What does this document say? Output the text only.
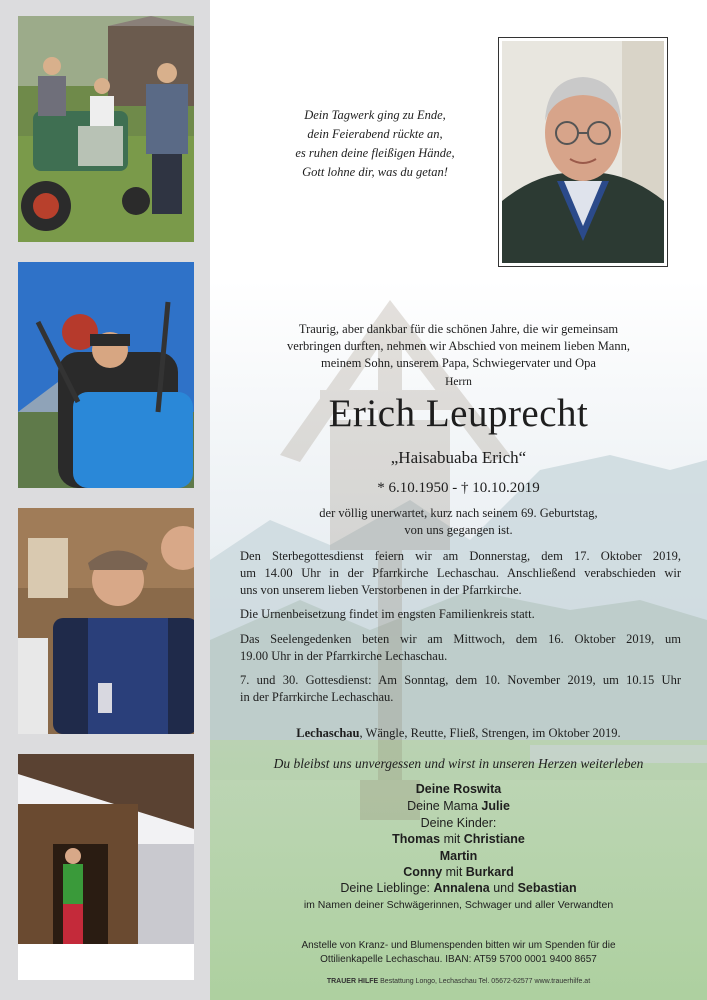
Dein Tagwerk ging zu Ende,
dein Feierabend rückte an,
es ruhen deine fleißigen Hände,
Gott lohne dir, was du getan!
Traurig, aber dankbar für die schönen Jahre, die wir gemeinsam
verbringen durften, nehmen wir Abschied von meinem lieben Mann,
meinem Sohn, unserem Papa, Schwiegervater und Opa
Herrn
Erich Leuprecht
„Haisabuaba Erich“
* 6.10.1950 - † 10.10.2019
der völlig unerwartet, kurz nach seinem 69. Geburtstag,
von uns gegangen ist.
Den Sterbegottesdienst feiern wir am Donnerstag, dem 17. Oktober 2019,
um 14.00 Uhr in der Pfarrkirche Lechaschau. Anschließend verabschieden wir
uns von unserem lieben Verstorbenen in der Pfarrkirche.
Die Urnenbeisetzung findet im engsten Familienkreis statt.
Das Seelengedenken beten wir am Mittwoch, dem 16. Oktober 2019, um
19.00 Uhr in der Pfarrkirche Lechaschau.
7. und 30. Gottesdienst: Am Sonntag, dem 10. November 2019, um 10.15 Uhr
in der Pfarrkirche Lechaschau.
Lechaschau, Wängle, Reutte, Fließ, Strengen, im Oktober 2019.
Du bleibst uns unvergessen und wirst in unseren Herzen weiterleben
Deine Roswita
Deine Mama Julie
Deine Kinder:
Thomas mit Christiane
Martin
Conny mit Burkard
Deine Lieblinge: Annalena und Sebastian
im Namen deiner Schwägerinnen, Schwager und aller Verwandten
Anstelle von Kranz- und Blumenspenden bitten wir um Spenden für die
Ottilienkapelle Lechaschau. IBAN: AT59 5700 0001 9400 8657
TRAUER HILFE Bestattung Longo, Lechaschau Tel. 05672-62577 www.trauerhilfe.at
